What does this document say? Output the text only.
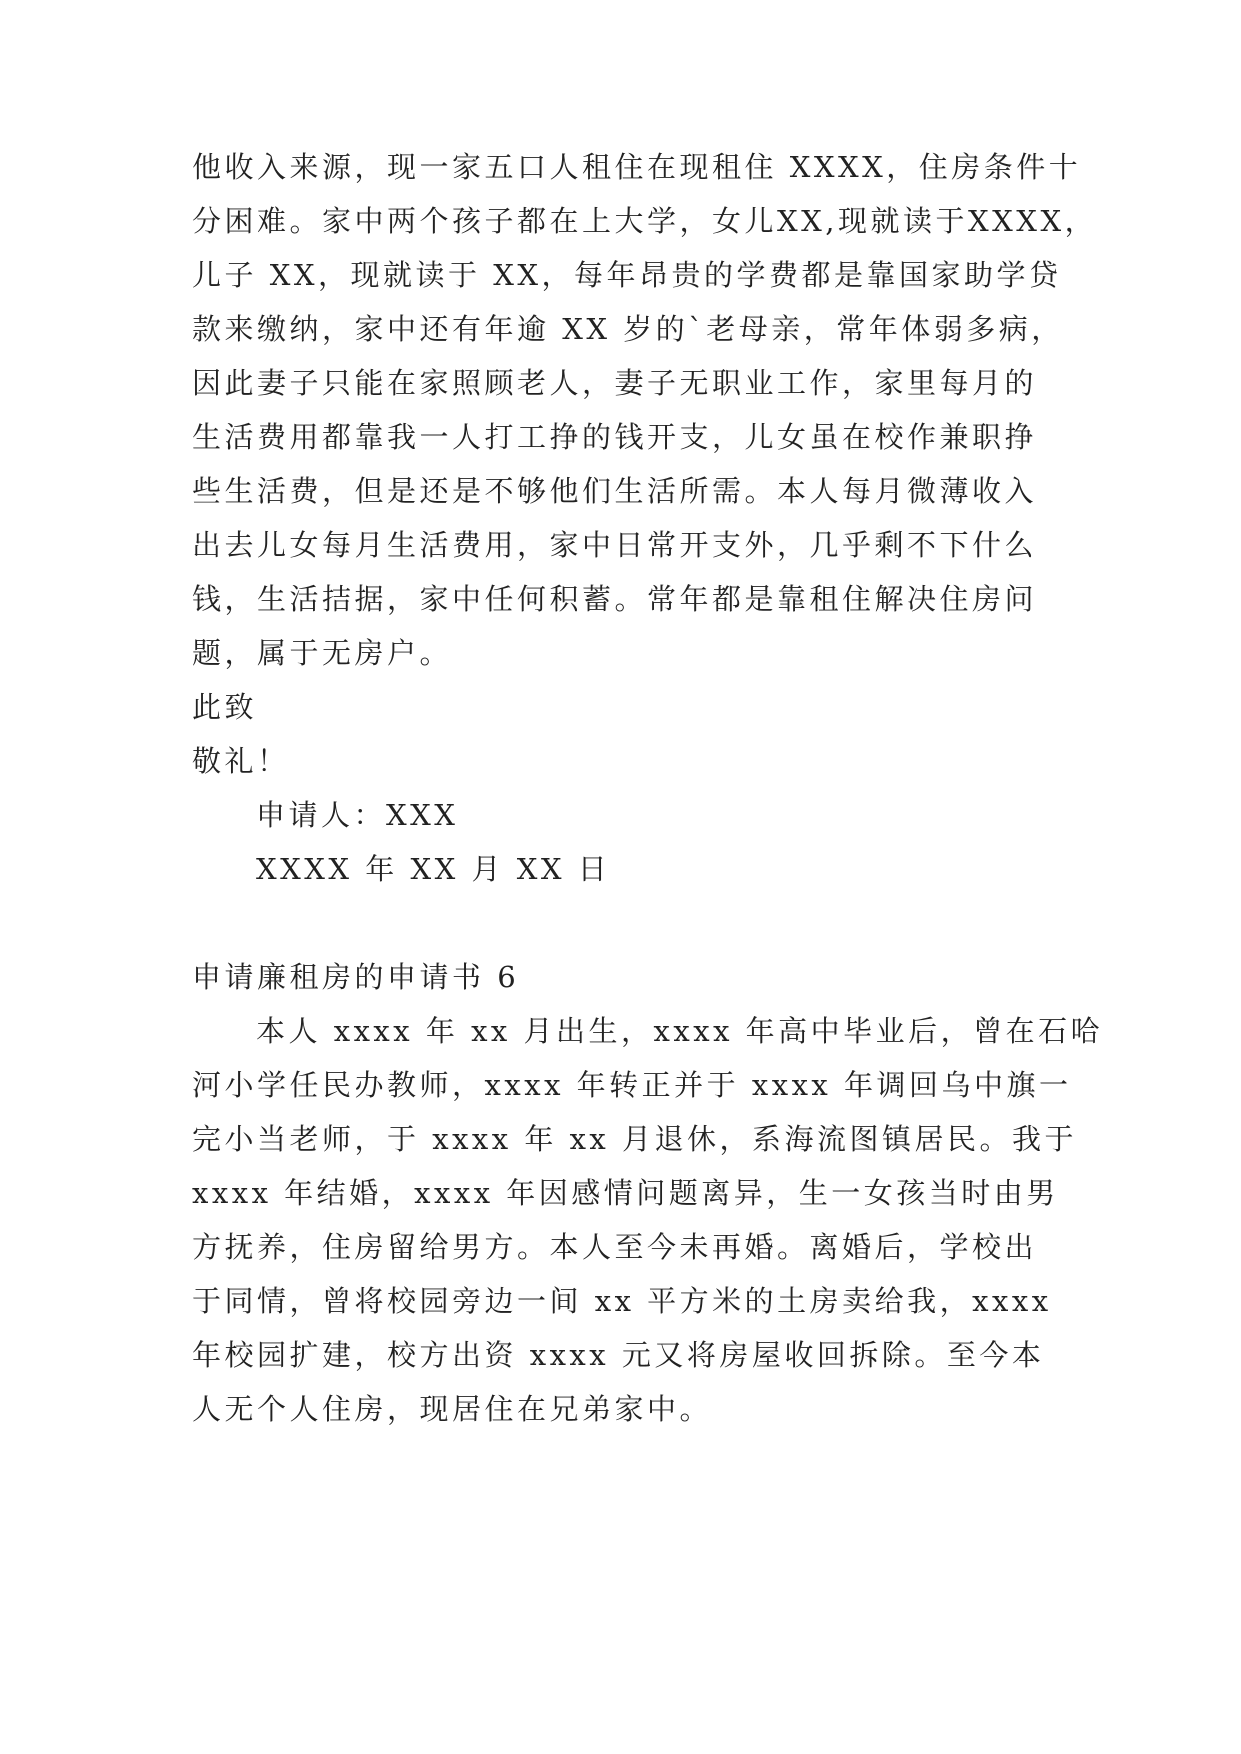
他收入来源，现一家五口人租住在现租住 XXXX，住房条件十
分困难。家中两个孩子都在上大学，女儿XX,现就读于XXXX，
儿子 XX，现就读于 XX，每年昂贵的学费都是靠国家助学贷
款来缴纳，家中还有年逾 XX 岁的`老母亲，常年体弱多病，
因此妻子只能在家照顾老人，妻子无职业工作，家里每月的
生活费用都靠我一人打工挣的钱开支，儿女虽在校作兼职挣
些生活费，但是还是不够他们生活所需。本人每月微薄收入
出去儿女每月生活费用，家中日常开支外，几乎剩不下什么
钱，生活拮据，家中任何积蓄。常年都是靠租住解决住房问
题，属于无房户。
此致
敬礼！
申请人：XXX
XXXX 年 XX 月 XX 日
申请廉租房的申请书 6
本人 xxxx 年 xx 月出生，xxxx 年高中毕业后，曾在石哈
河小学任民办教师，xxxx 年转正并于 xxxx 年调回乌中旗一
完小当老师，于 xxxx 年 xx 月退休，系海流图镇居民。我于
xxxx 年结婚，xxxx 年因感情问题离异，生一女孩当时由男
方抚养，住房留给男方。本人至今未再婚。离婚后，学校出
于同情，曾将校园旁边一间 xx 平方米的土房卖给我，xxxx
年校园扩建，校方出资 xxxx 元又将房屋收回拆除。至今本
人无个人住房，现居住在兄弟家中。
